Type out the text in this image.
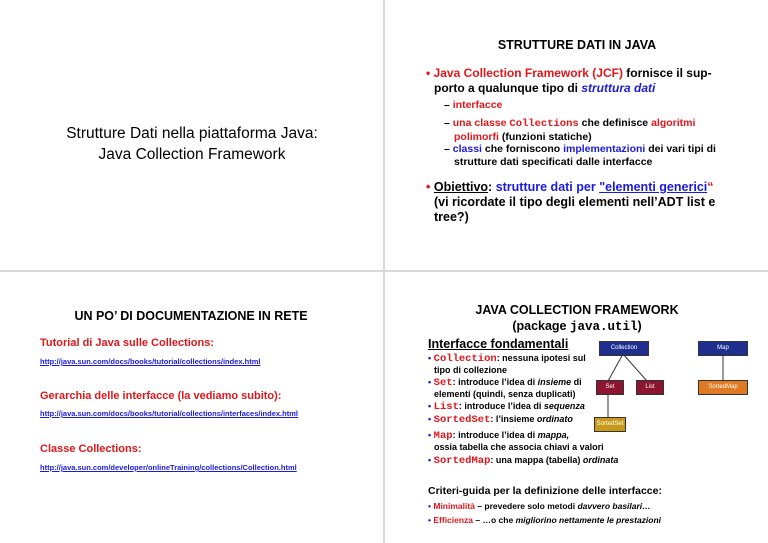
Strutture Dati nella piattaforma Java:
Java Collection Framework
STRUTTURE DATI IN JAVA
• Java Collection Framework (JCF) fornisce il sup-
porto a qualunque tipo di struttura dati
– interfacce
– una classe Collections che definisce algoritmi
polimorfi (funzioni statiche)
– classi che forniscono implementazioni dei vari tipi di
strutture dati specificati dalle interfacce
• Obiettivo: strutture dati per "elementi generici“
(vi ricordate il tipo degli elementi nell’ADT list e
tree?)
UN PO’ DI DOCUMENTAZIONE IN RETE
Tutorial di Java sulle Collections:
http://java.sun.com/docs/books/tutorial/collections/index.html
Gerarchia delle interfacce (la vediamo subito):
http://java.sun.com/docs/books/tutorial/collections/interfaces/index.html
Classe Collections:
http://java.sun.com/developer/onlineTraining/collections/Collection.html
JAVA COLLECTION FRAMEWORK
(package java.util)
Interfacce fondamentali
• Collection: nessuna ipotesi sul
tipo di collezione
• Set: introduce l’idea di insieme di
elementi (quindi, senza duplicati)
• List: introduce l’idea di sequenza
• SortedSet: l’insieme ordinato
• Map: introduce l’idea di mappa,
ossia tabella che associa chiavi a valori
• SortedMap: una mappa (tabella) ordinata
Collection	Map
Set	List	SortedMap
SortedSet
Criteri-guida per la definizione delle interfacce:
• Minimalità – prevedere solo metodi davvero basilari…
• Efficienza – …o che migliorino nettamente le prestazioni
